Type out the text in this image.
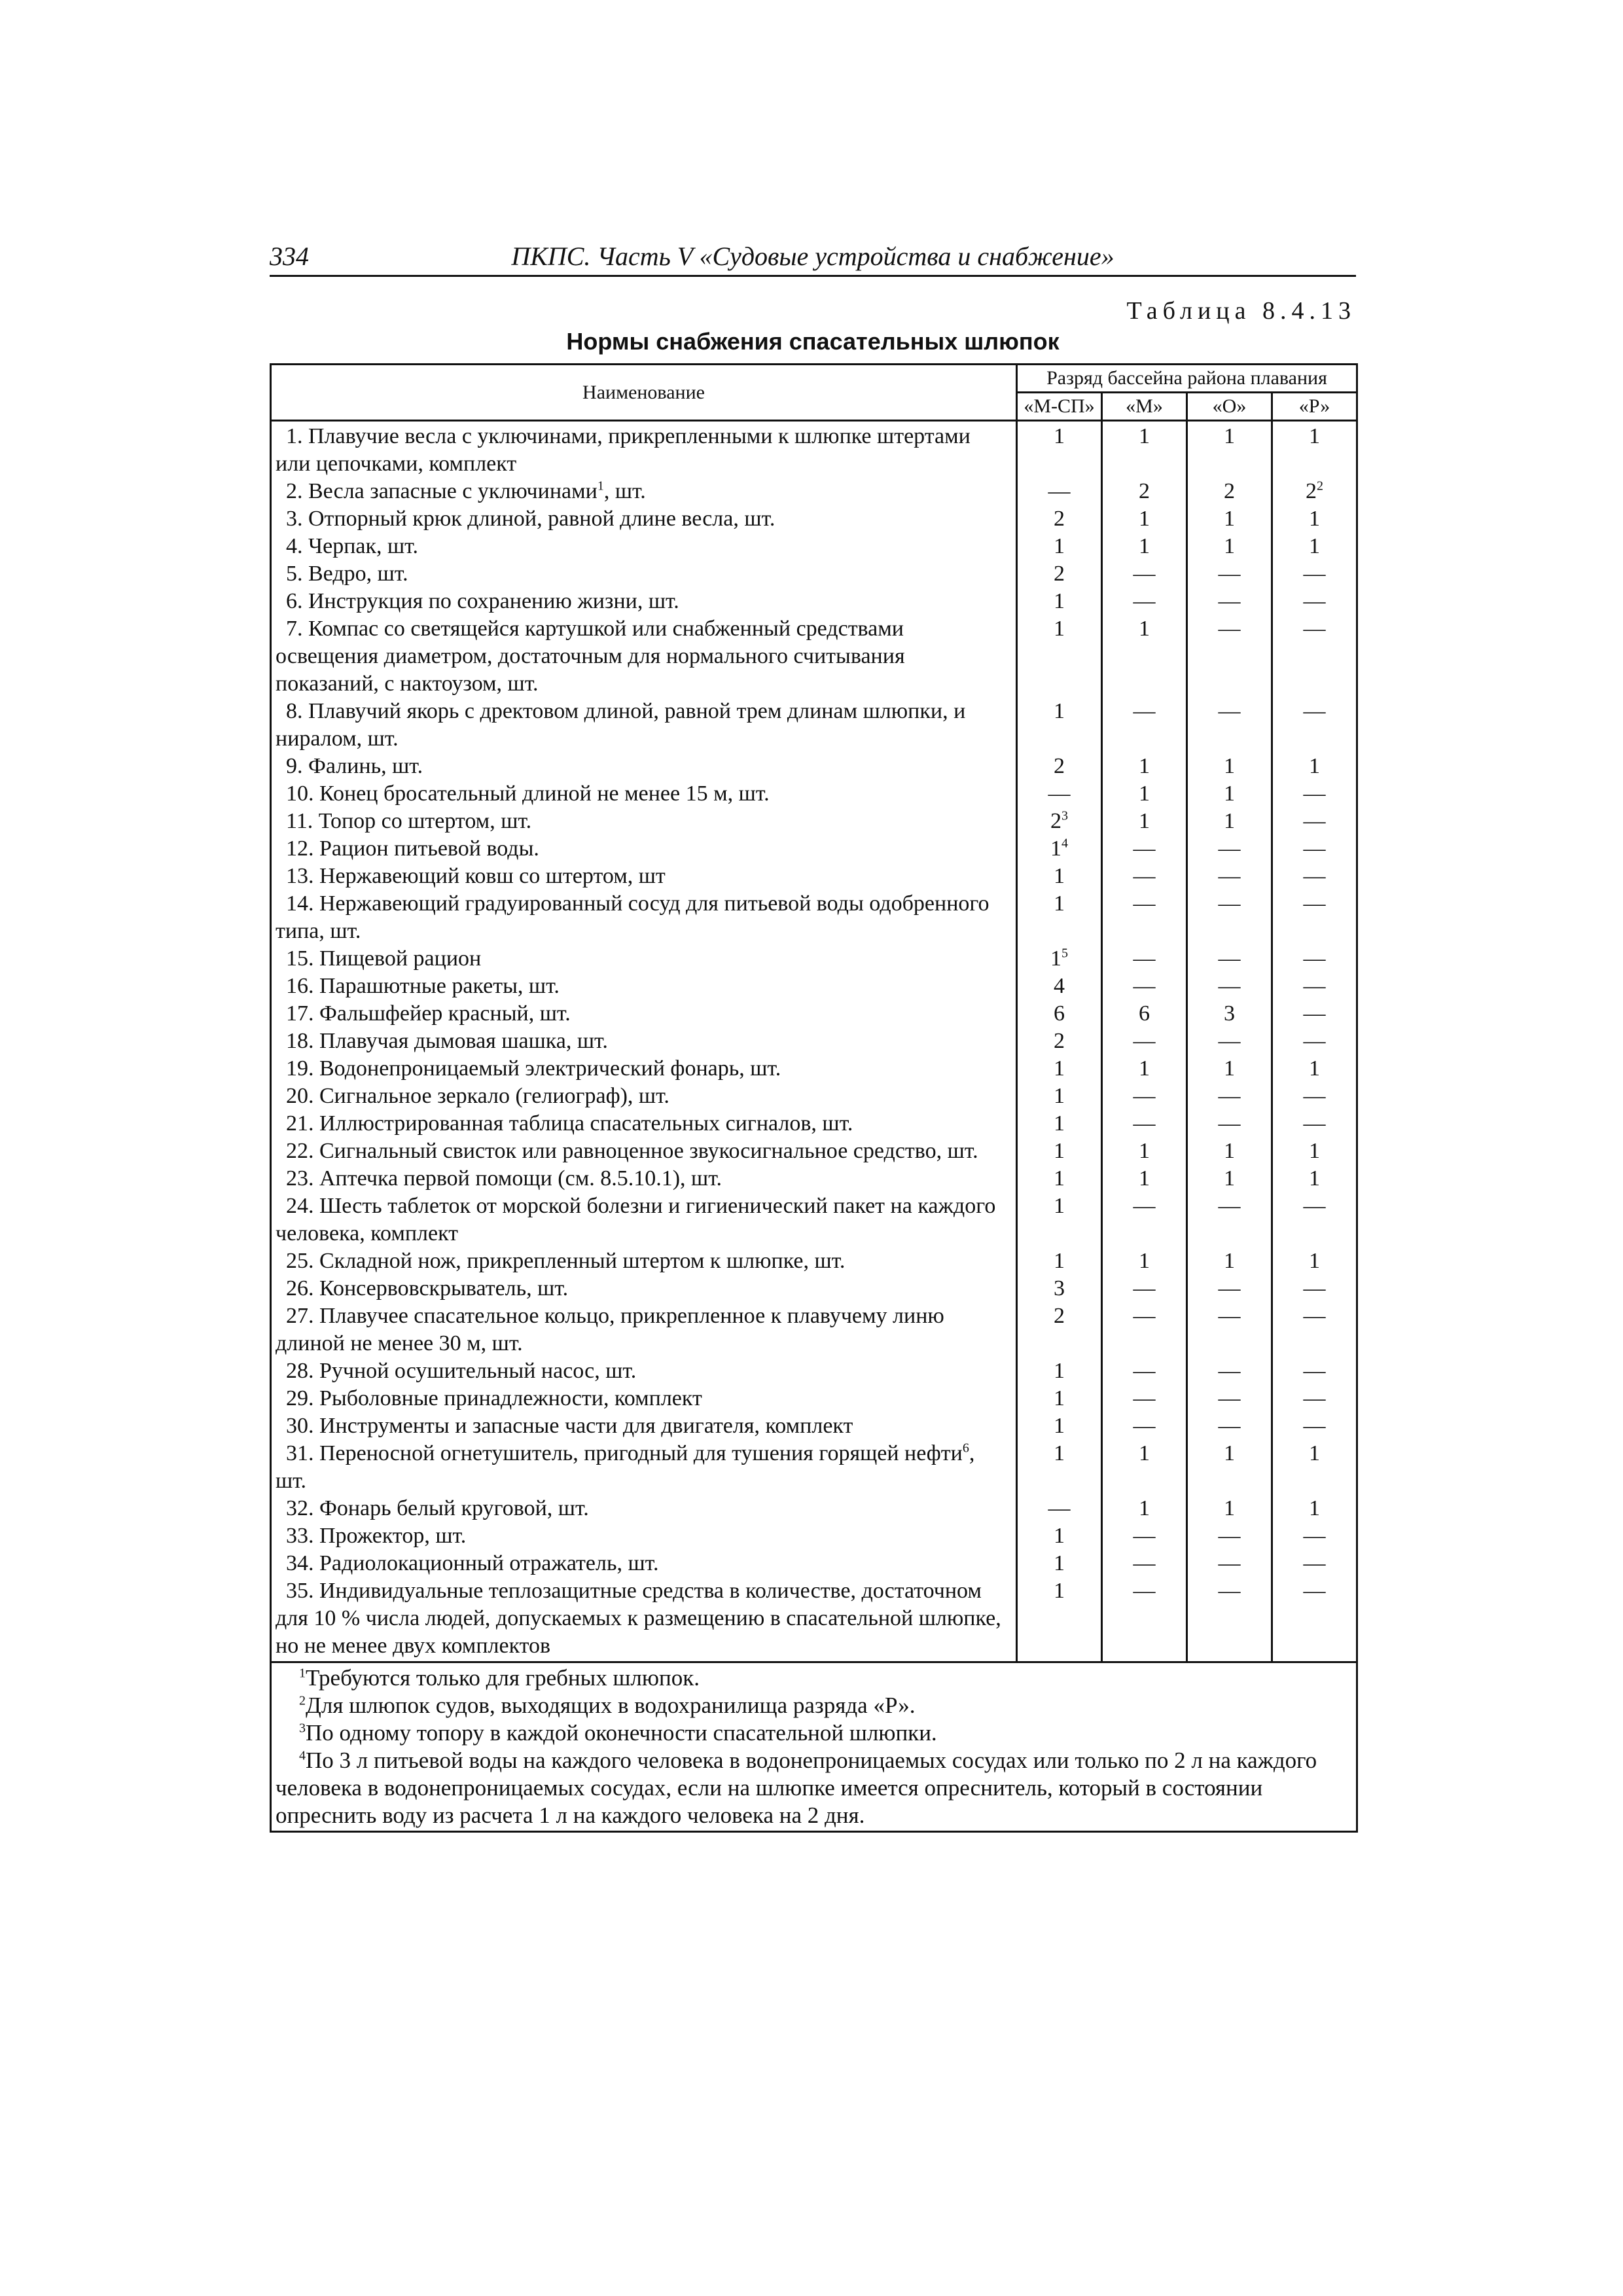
334	ПКПС. Часть V «Судовые устройства и снабжение»
Таблица 8.4.13
Нормы снабжения спасательных шлюпок
Наименование	Разряд бассейна района плавания			
	«М-СП»	«М»	«О»	«Р»
1. Плавучие весла с уключинами, прикрепленными к шлюпке штертами или цепочками, комплект	1	1	1	1
2. Весла запасные с уключинами$^1$, шт.	—	2	2	$2^2$
3. Отпорный крюк длиной, равной длине весла, шт.	2	1	1	1
4. Черпак, шт.	1	1	1	1
5. Ведро, шт.	2	—	—	—
6. Инструкция по сохранению жизни, шт.	1	—	—	—
7. Компас со светящейся картушкой или снабженный средствами освещения диаметром, достаточным для нормального считывания показаний, с нактоузом, шт.	1	1	—	—
8. Плавучий якорь с дректовом длиной, равной трем длинам шлюпки, и ниралом, шт.	1	—	—	—
9. Фалинь, шт.	2	1	1	1
10. Конец бросательный длиной не менее 15 м, шт.	—	1	1	—
11. Топор со штертом, шт.	$2^3$	1	1	—
12. Рацион питьевой воды.	$1^4$	—	—	—
13. Нержавеющий ковш со штертом, шт	1	—	—	—
14. Нержавеющий градуированный сосуд для питьевой воды одобренного типа, шт.	1	—	—	—
15. Пищевой рацион	$1^5$	—	—	—
16. Парашютные ракеты, шт.	4	—	—	—
17. Фальшфейер красный, шт.	6	6	3	—
18. Плавучая дымовая шашка, шт.	2	—	—	—
19. Водонепроницаемый электрический фонарь, шт.	1	1	1	1
20. Сигнальное зеркало (гелиограф), шт.	1	—	—	—
21. Иллюстрированная таблица спасательных сигналов, шт.	1	—	—	—
22. Сигнальный свисток или равноценное звукосигнальное средство, шт.	1	1	1	1
23. Аптечка первой помощи (см. 8.5.10.1), шт.	1	1	1	1
24. Шесть таблеток от морской болезни и гигиенический пакет на каждого человека, комплект	1	—	—	—
25. Складной нож, прикрепленный штертом к шлюпке, шт.	1	1	1	1
26. Консервовскрыватель, шт.	3	—	—	—
27. Плавучее спасательное кольцо, прикрепленное к плавучему линю длиной не менее 30 м, шт.	2	—	—	—
28. Ручной осушительный насос, шт.	1	—	—	—
29. Рыболовные принадлежности, комплект	1	—	—	—
30. Инструменты и запасные части для двигателя, комплект	1	—	—	—
31. Переносной огнетушитель, пригодный для тушения горящей нефти$^6$, шт.	1	1	1	1
32. Фонарь белый круговой, шт.	—	1	1	1
33. Прожектор, шт.	1	—	—	—
34. Радиолокационный отражатель, шт.	1	—	—	—
35. Индивидуальные теплозащитные средства в количестве, достаточном для 10 % числа людей, допускаемых к размещению в спасательной шлюпке, но не менее двух комплектов	1	—	—	—

$^1$Требуются только для гребных шлюпок.
$^2$Для шлюпок судов, выходящих в водохранилища разряда «Р».
$^3$По одному топору в каждой оконечности спасательной шлюпки.
$^4$По 3 л питьевой воды на каждого человека в водонепроницаемых сосудах или только по 2 л на каждого человека в водонепроницаемых сосудах, если на шлюпке имеется опреснитель, который в состоянии опреснить воду из расчета 1 л на каждого человека на 2 дня.				
